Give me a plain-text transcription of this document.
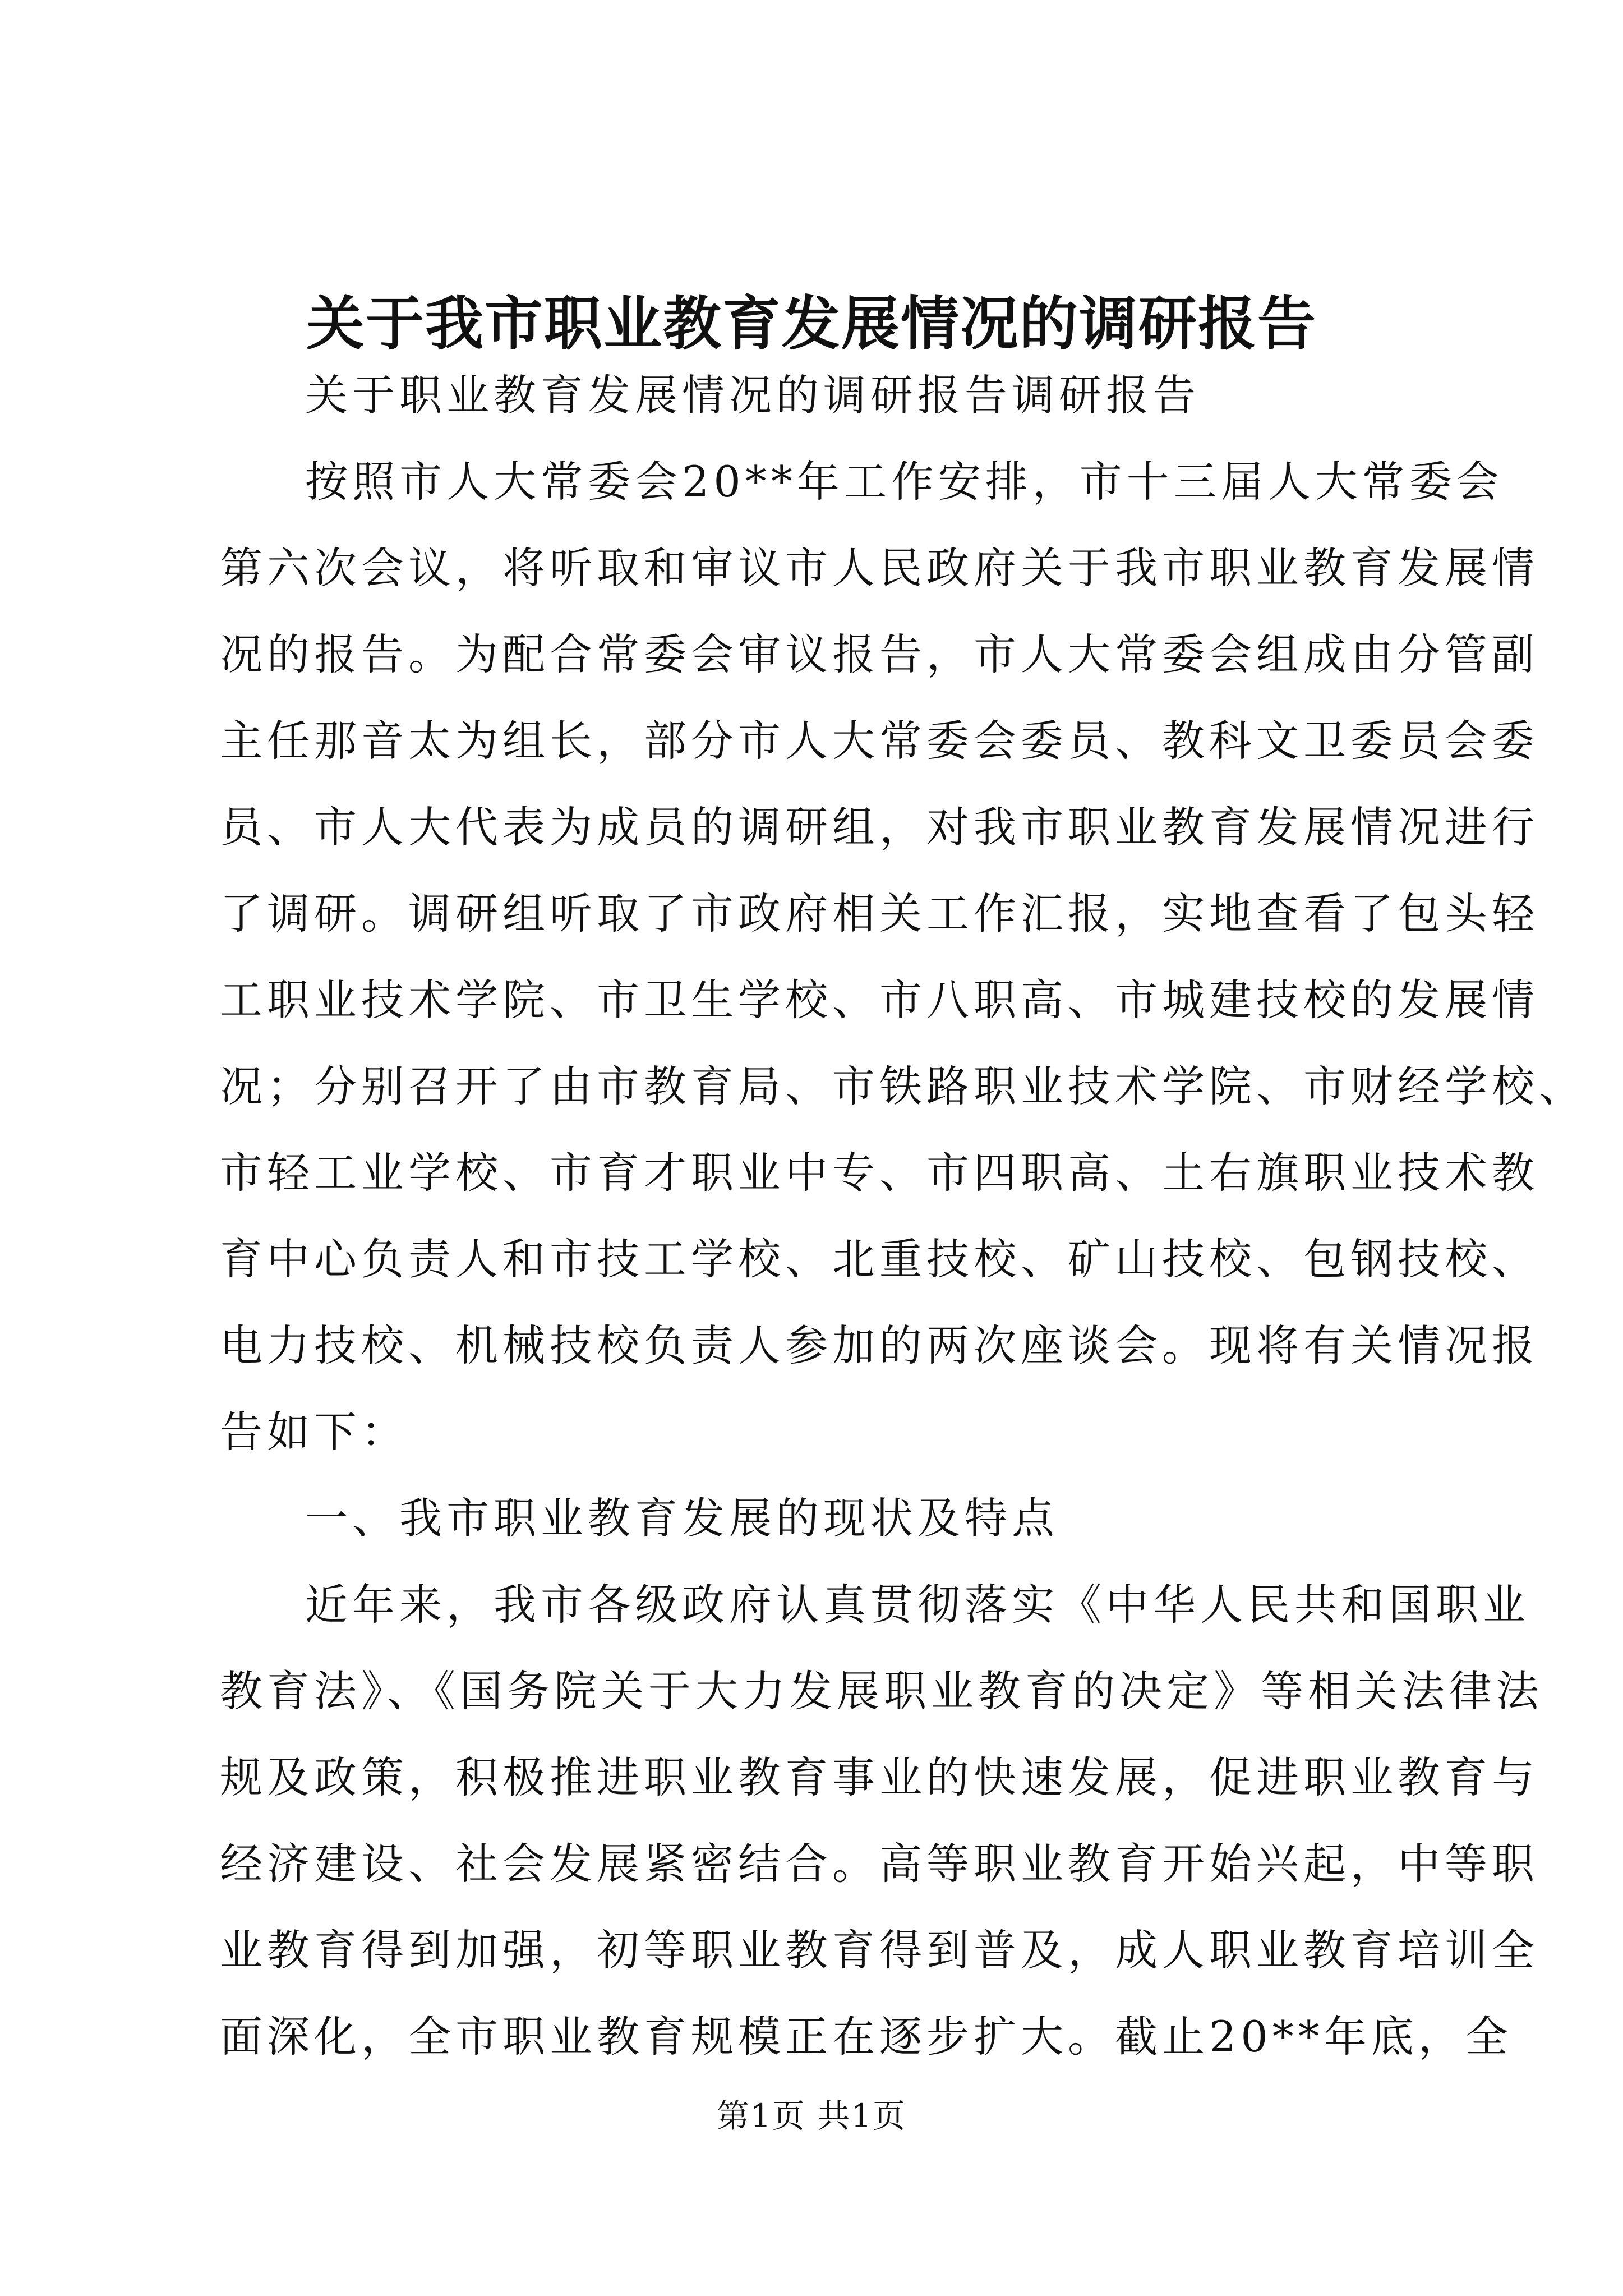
关于我市职业教育发展情况的调研报告

关于职业教育发展情况的调研报告调研报告

按照市人大常委会20**年工作安排，市十三届人大常委会
第六次会议，将听取和审议市人民政府关于我市职业教育发展情
况的报告。为配合常委会审议报告，市人大常委会组成由分管副
主任那音太为组长，部分市人大常委会委员、教科文卫委员会委
员、市人大代表为成员的调研组，对我市职业教育发展情况进行
了调研。调研组听取了市政府相关工作汇报，实地查看了包头轻
工职业技术学院、市卫生学校、市八职高、市城建技校的发展情
况；分别召开了由市教育局、市铁路职业技术学院、市财经学校、
市轻工业学校、市育才职业中专、市四职高、土右旗职业技术教
育中心负责人和市技工学校、北重技校、矿山技校、包钢技校、
电力技校、机械技校负责人参加的两次座谈会。现将有关情况报
告如下：

一、我市职业教育发展的现状及特点

近年来，我市各级政府认真贯彻落实《中华人民共和国职业
教育法》、《国务院关于大力发展职业教育的决定》等相关法律法
规及政策，积极推进职业教育事业的快速发展，促进职业教育与
经济建设、社会发展紧密结合。高等职业教育开始兴起，中等职
业教育得到加强，初等职业教育得到普及，成人职业教育培训全
面深化，全市职业教育规模正在逐步扩大。截止20**年底，全

第1页 共1页
